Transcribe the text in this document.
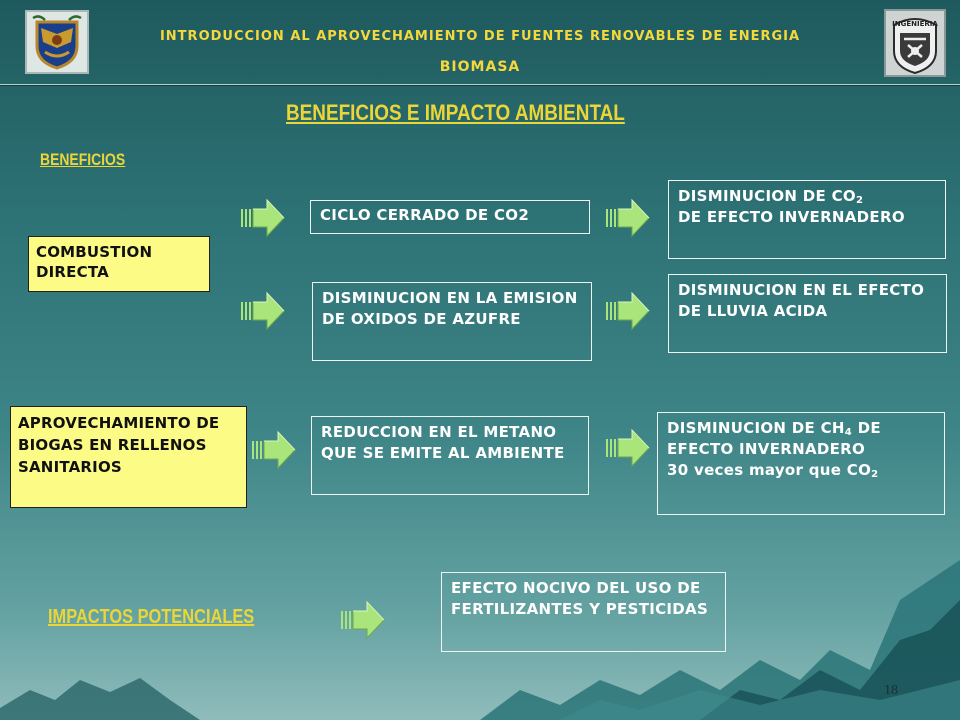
INGENIERIA
INTRODUCCION AL APROVECHAMIENTO DE FUENTES RENOVABLES DE ENERGIA
BIOMASA
BENEFICIOS E IMPACTO AMBIENTAL
BENEFICIOS
COMBUSTION DIRECTA
APROVECHAMIENTO DE BIOGAS EN RELLENOS SANITARIOS
CICLO CERRADO DE CO2
DISMINUCION EN LA EMISION DE OXIDOS DE AZUFRE
REDUCCION EN EL METANO QUE SE EMITE AL AMBIENTE
DISMINUCION DE $CO_2$
DE EFECTO INVERNADERO
DISMINUCION EN EL EFECTO DE LLUVIA ACIDA
DISMINUCION DE $CH_4$ DE EFECTO INVERNADERO
30 veces mayor que $CO_2$
IMPACTOS POTENCIALES
EFECTO NOCIVO DEL USO DE FERTILIZANTES Y PESTICIDAS
18
